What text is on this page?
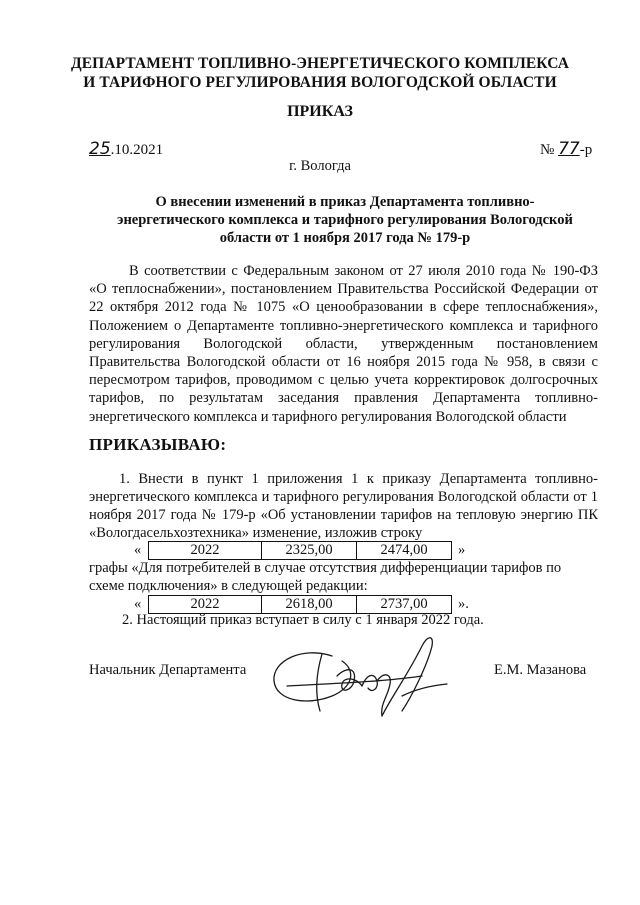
ДЕПАРТАМЕНТ ТОПЛИВНО-ЭНЕРГЕТИЧЕСКОГО КОМПЛЕКСА
И ТАРИФНОГО РЕГУЛИРОВАНИЯ ВОЛОГОДСКОЙ ОБЛАСТИ
ПРИКАЗ
25.10.2021	№ 77-р
г. Вологда
О внесении изменений в приказ Департамента топливно-
энергетического комплекса и тарифного регулирования Вологодской
области от 1 ноября 2017 года № 179-р
В соответствии с Федеральным законом от 27 июля 2010 года № 190-ФЗ «О теплоснабжении», постановлением Правительства Российской Федерации от 22 октября 2012 года № 1075 «О ценообразовании в сфере теплоснабжения», Положением о Департаменте топливно-энергетического комплекса и тарифного регулирования Вологодской области, утвержденным постановлением Правительства Вологодской области от 16 ноября 2015 года № 958, в связи с пересмотром тарифов, проводимом с целью учета корректировок долгосрочных тарифов, по результатам заседания правления Департамента топливно-энергетического комплекса и тарифного регулирования Вологодской области
ПРИКАЗЫВАЮ:
1. Внести в пункт 1 приложения 1 к приказу Департамента топливно-энергетического комплекса и тарифного регулирования Вологодской области от 1 ноября 2017 года № 179-р «Об установлении тарифов на тепловую энергию ПК «Вологдасельхозтехника» изменение, изложив строку
«	2022	2325,00	2474,00 »
графы «Для потребителей в случае отсутствия дифференциации тарифов по схеме подключения» в следующей редакции:
«	2022	2618,00	2737,00 ».
2. Настоящий приказ вступает в силу с 1 января 2022 года.
Начальник Департамента	Е.М. Мазанова
